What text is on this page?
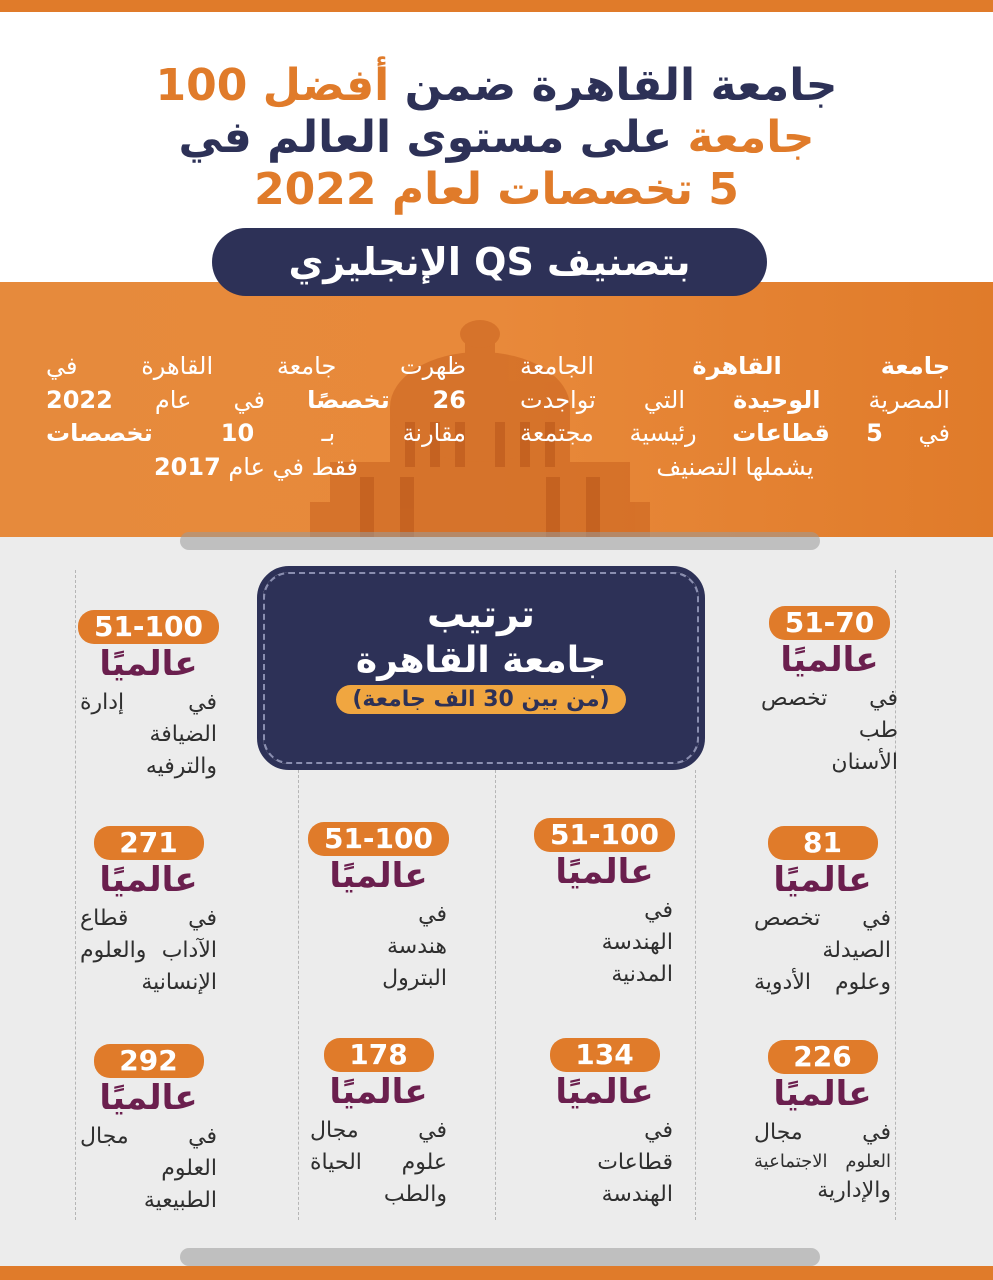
جامعة القاهرة ضمن أفضل 100
جامعة على مستوى العالم في
5 تخصصات لعام 2022
بتصنيف QS الإنجليزي
جامعة القاهرة الجامعة
المصرية الوحيدة التي تواجدت
في 5 قطاعات رئيسية مجتمعة
يشملها التصنيف
ظهرت جامعة القاهرة في
26 تخصصًا في عام 2022
مقارنة بـ 10 تخصصات
فقط في عام 2017
ترتيب
جامعة القاهرة
(من بين 30 الف جامعة)
51-70
عالميًا
في تخصص
طب
الأسنان
51-100
عالميًا
في إدارة
الضيافة
والترفيه
81
عالميًا
في تخصص
الصيدلة
وعلوم الأدوية
51-100
عالميًا
في
الهندسة
المدنية
51-100
عالميًا
في
هندسة
البترول
271
عالميًا
في قطاع
الآداب والعلوم
الإنسانية
226
عالميًا
في مجال
العلوم الاجتماعية
والإدارية
134
عالميًا
في
قطاعات
الهندسة
178
عالميًا
في مجال
علوم الحياة
والطب
292
عالميًا
في مجال
العلوم
الطبيعية
